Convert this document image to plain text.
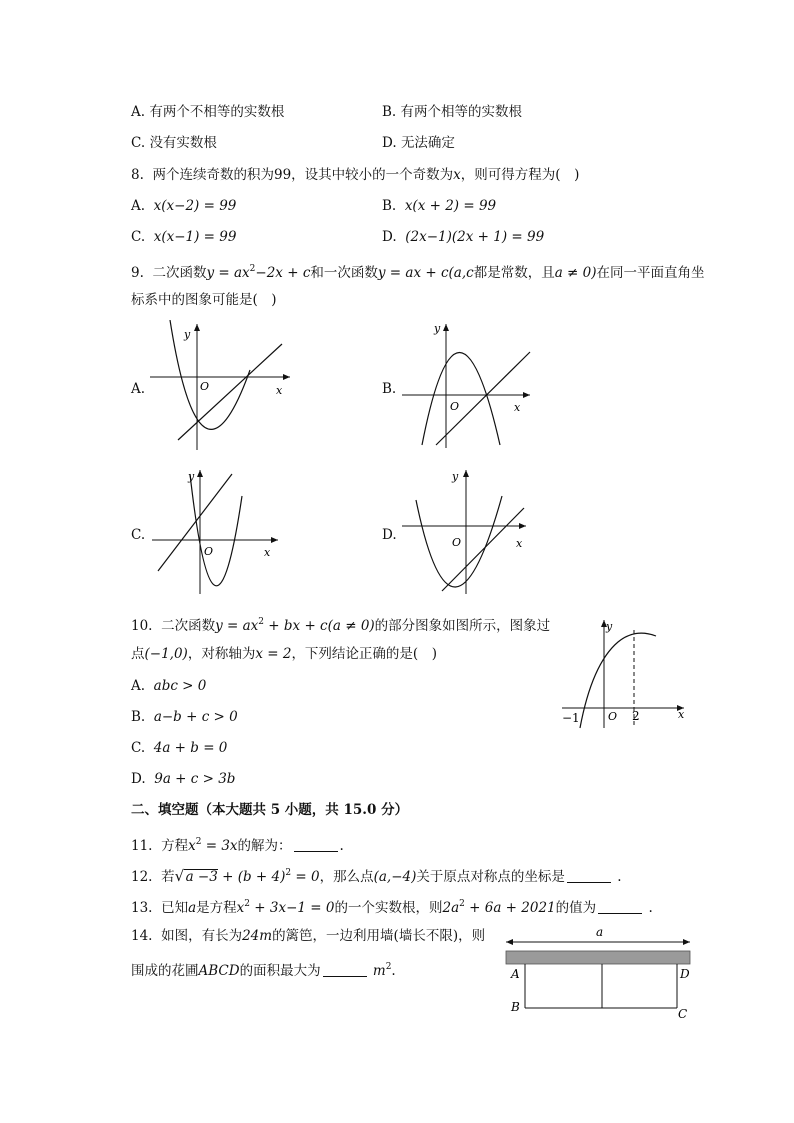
A. 有两个不相等的实数根	B. 有两个相等的实数根
C. 没有实数根	D. 无法确定
8. 两个连续奇数的积为99，设其中较小的一个奇数为x，则可得方程为(　)
A. x(x−2) = 99	B. x(x + 2) = 99
C. x(x−1) = 99	D. (2x−1)(2x + 1) = 99
9. 二次函数$y = ax^2-2x + c$和一次函数y = ax + c(a,c都是常数，且a ≠ 0)在同一平面直角坐
标系中的图象可能是(　)
A.
y
O	x	B.
y
O	x
C.
y
O	x
D.
y
O	x
10. 二次函数$y = ax^2$ + bx + c(a ≠ 0)的部分图象如图所示，图象过
点(−1,0)，对称轴为x = 2，下列结论正确的是(　)
A. abc > 0
B. a−b + c > 0
C. 4a + b = 0
D. 9a + c > 3b
y
−1	O 2	x
二、填空题（本大题共 5 小题，共 15.0 分）
11. 方程$x^2 = 3x$的解为：	.
12. 若 √ $a -3 + (b + 4)^2 = 0$，那么点(a,−4)关于原点对称点的坐标是	.
13. 已知a是方程$x^2 + 3x-1 = 0$的一个实数根，则$2a^2 + 6a + 2021$的值为	.
14. 如图，有长为24m的篱笆，一边利用墙(墙长不限)，则
围成的花圃ABCD的面积最大为	$m^2$.
a
A
B	C
D
